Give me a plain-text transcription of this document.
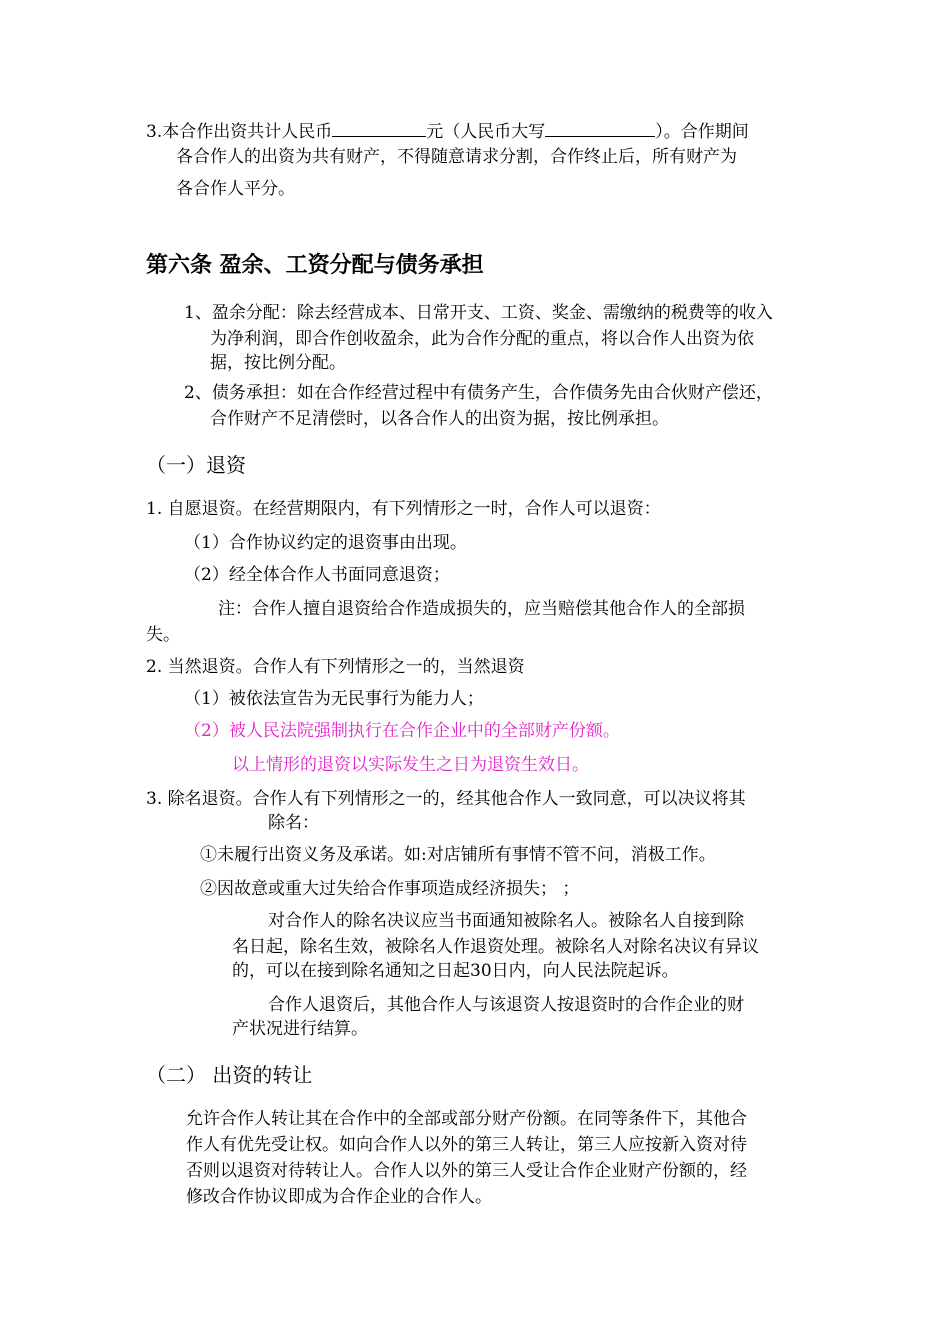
3.本合作出资共计人民币	元（人民币大写	）。合作期间
各合作人的出资为共有财产，不得随意请求分割，合作终止后，所有财产为
各合作人平分。
第六条 盈余、工资分配与债务承担
1、盈余分配：除去经营成本、日常开支、工资、奖金、需缴纳的税费等的收入
为净利润，即合作创收盈余，此为合作分配的重点，将以合作人出资为依
据，按比例分配。
2、债务承担：如在合作经营过程中有债务产生，合作债务先由合伙财产偿还，
合作财产不足清偿时，以各合作人的出资为据，按比例承担。
（一）退资
1. 自愿退资。在经营期限内，有下列情形之一时，合作人可以退资：
（1）合作协议约定的退资事由出现。
（2）经全体合作人书面同意退资；
注：合作人擅自退资给合作造成损失的，应当赔偿其他合作人的全部损
失。
2. 当然退资。合作人有下列情形之一的，当然退资
（1）被依法宣告为无民事行为能力人；
（2）被人民法院强制执行在合作企业中的全部财产份额。
以上情形的退资以实际发生之日为退资生效日。
3. 除名退资。合作人有下列情形之一的，经其他合作人一致同意，可以决议将其
除名：
①未履行出资义务及承诺。如:对店铺所有事情不管不问，消极工作。
②因故意或重大过失给合作事项造成经济损失； ；
对合作人的除名决议应当书面通知被除名人。被除名人自接到除
名日起，除名生效，被除名人作退资处理。被除名人对除名决议有异议
的，可以在接到除名通知之日起30日内，向人民法院起诉。
合作人退资后，其他合作人与该退资人按退资时的合作企业的财
产状况进行结算。
（二） 出资的转让
允许合作人转让其在合作中的全部或部分财产份额。在同等条件下，其他合
作人有优先受让权。如向合作人以外的第三人转让，第三人应按新入资对待
否则以退资对待转让人。合作人以外的第三人受让合作企业财产份额的，经
修改合作协议即成为合作企业的合作人。
